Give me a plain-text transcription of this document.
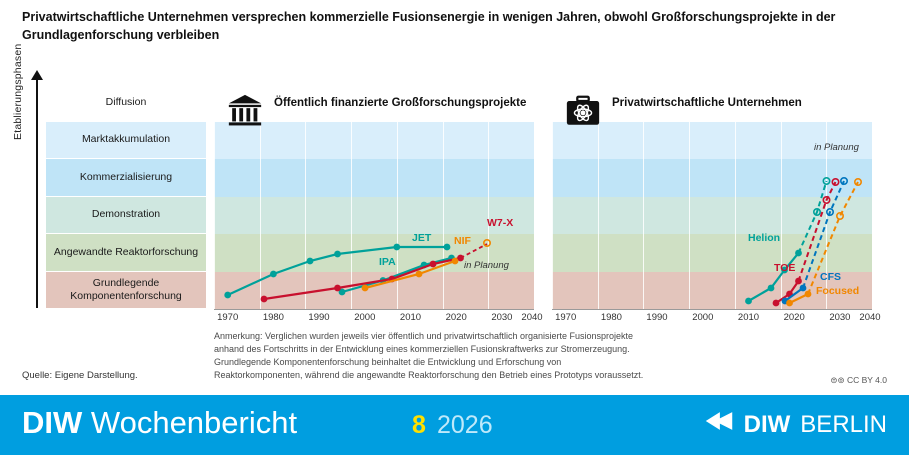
Privatwirtschaftliche Unternehmen versprechen kommerzielle Fusionsenergie in wenigen Jahren, obwohl Großforschungsprojekte in der Grundlagenforschung verbleiben
Etablierungsphasen	Diffusion
Marktakkumulation
Kommerzialisierung
Demonstration
Angewandte Reaktorforschung
Grundlegende Komponentenforschung
JET
IPA
NIF
W7-X
in Planung
1970	1980	1990	2000	2010	2020	2030 2040
Öffentlich finanzierte Großforschungsprojekte
in Planung
Helion
TOE
CFS
Focused
1970	1980	1990	2000	2010	2020	2030 2040
Privatwirtschaftliche Unternehmen
Anmerkung: Verglichen wurden jeweils vier öffentlich und privatwirtschaftlich organisierte Fusionsprojekte anhand des Fortschritts in der Entwicklung eines kommerziellen Fusionskraftwerks zur Stromerzeugung. Grundlegende Komponentenforschung beinhaltet die Entwicklung und Erforschung von Reaktorkomponenten, während die angewandte Reaktorforschung den Betrieb eines Prototyps voraussetzt.
Quelle: Eigene Darstellung.	⊜⊚ CC BY 4.0
DIW Wochenbericht	8 2026	DIW BERLIN
